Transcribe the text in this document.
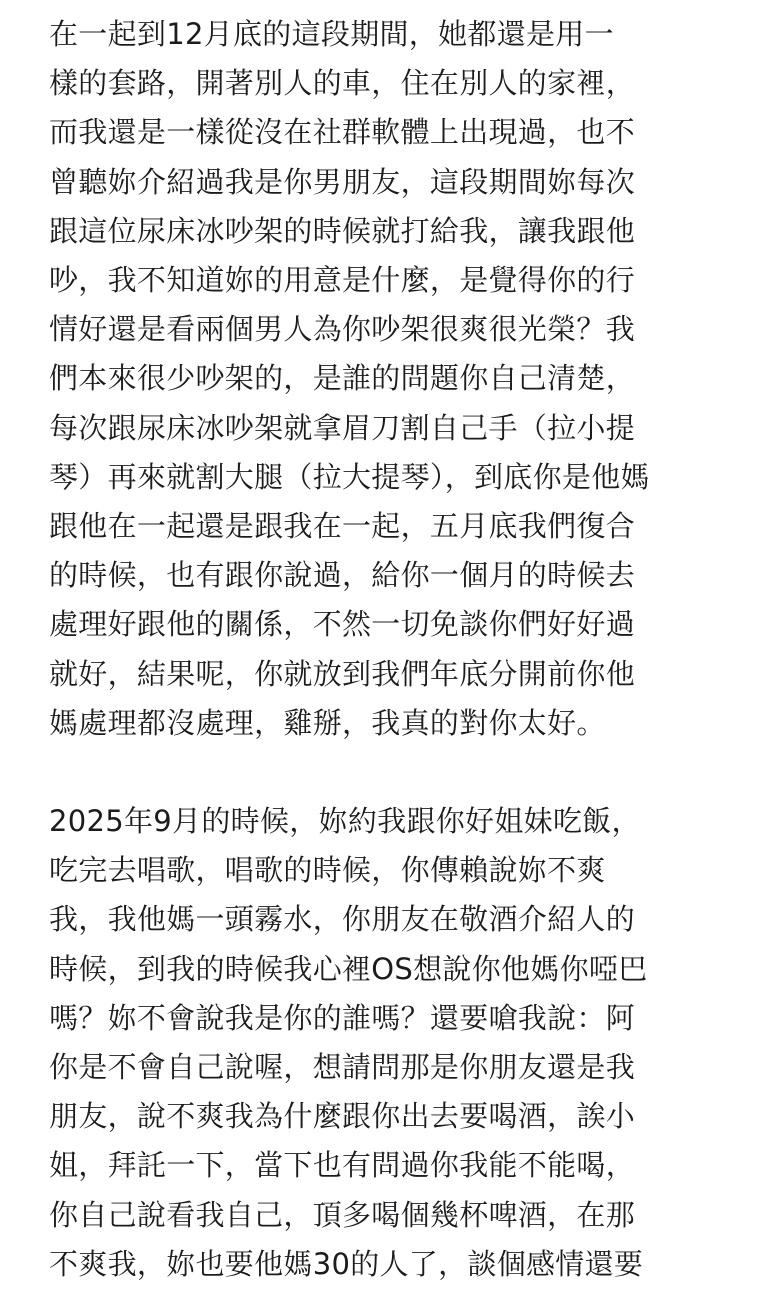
在一起到12月底的這段期間，她都還是用一
樣的套路，開著別人的車，住在別人的家裡，
而我還是一樣從沒在社群軟體上出現過，也不
曾聽妳介紹過我是你男朋友，這段期間妳每次
跟這位尿床冰吵架的時候就打給我，讓我跟他
吵，我不知道妳的用意是什麼，是覺得你的行
情好還是看兩個男人為你吵架很爽很光榮？我
們本來很少吵架的，是誰的問題你自己清楚，
每次跟尿床冰吵架就拿眉刀割自己手（拉小提
琴）再來就割大腿（拉大提琴），到底你是他媽
跟他在一起還是跟我在一起，五月底我們復合
的時候，也有跟你說過，給你一個月的時候去
處理好跟他的關係，不然一切免談你們好好過
就好，結果呢，你就放到我們年底分開前你他
媽處理都沒處理，雞掰，我真的對你太好。
2025年9月的時候，妳約我跟你好姐妹吃飯，
吃完去唱歌，唱歌的時候，你傳賴說妳不爽
我，我他媽一頭霧水，你朋友在敬酒介紹人的
時候，到我的時候我心裡OS想說你他媽你啞巴
嗎？妳不會說我是你的誰嗎？還要嗆我說：阿
你是不會自己說喔，想請問那是你朋友還是我
朋友，說不爽我為什麼跟你出去要喝酒，誒小
姐，拜託一下，當下也有問過你我能不能喝，
你自己說看我自己，頂多喝個幾杯啤酒，在那
不爽我，妳也要他媽30的人了，談個感情還要
